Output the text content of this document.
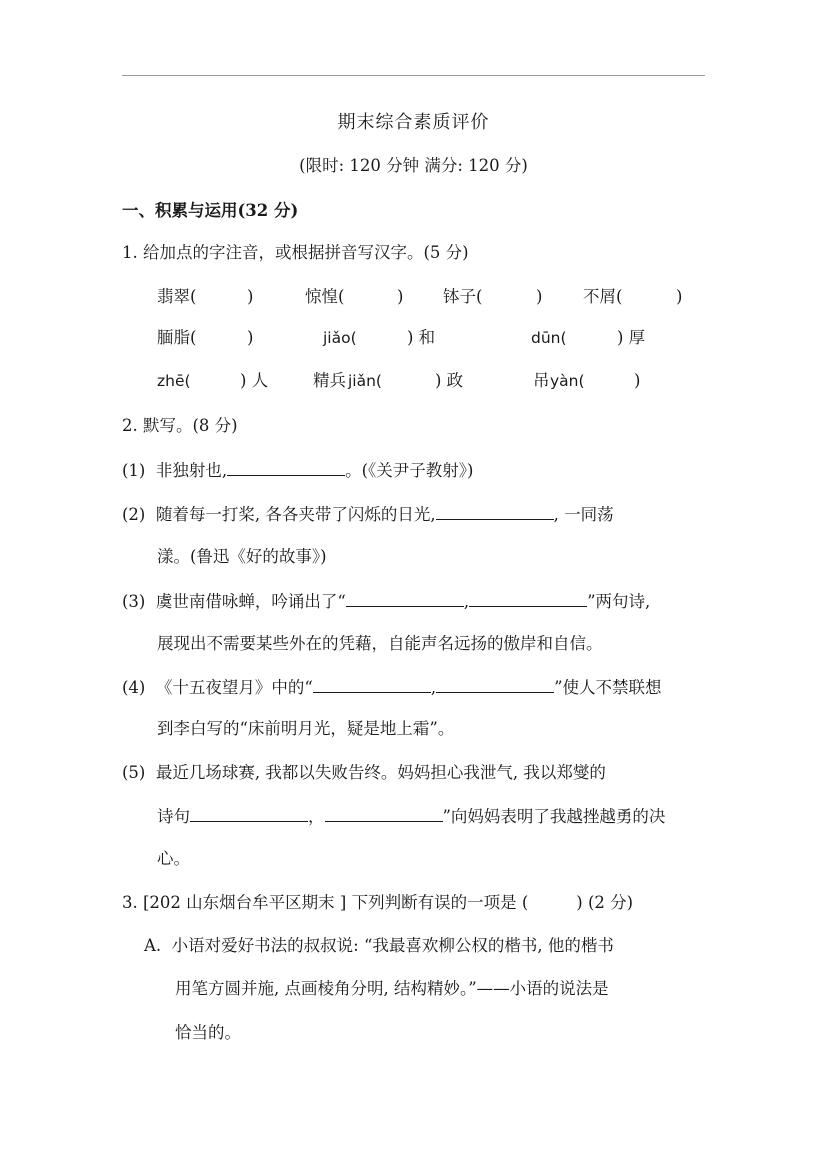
期末综合素质评价
(限时: 120 分钟 满分: 120 分)
一、积累与运用(32 分)
1. 给加点的字注音，或根据拼音写汉字。(5 分)
翡翠(	)	惊惶(	) 钵子(	) 不屑(	)
腼脂(	)	jiǎo(	) 和	dūn(	) 厚
zhē(	) 人	精兵 jiǎn(	) 政	吊 yàn(	)
2. 默写。(8 分)
(1) 非独射也,	。(《关尹子教射》)
(2) 随着每一打桨, 各各夹带了闪烁的日光,	, 一同荡
漾。(鲁迅《好的故事》)
(3) 虞世南借咏蝉，吟诵出了“	,	”两句诗,
展现出不需要某些外在的凭藉，自能声名远扬的傲岸和自信。
(4) 《十五夜望月》中的“	,	”使人不禁联想
到李白写的“床前明月光，疑是地上霜”。
(5) 最近几场球赛, 我都以失败告终。妈妈担心我泄气, 我以郑燮的
诗句	，	”向妈妈表明了我越挫越勇的决
心。
3. [202 山东烟台牟平区期末 ] 下列判断有误的一项是 (	) (2 分)
A. 小语对爱好书法的叔叔说: “我最喜欢柳公权的楷书, 他的楷书
用笔方圆并施, 点画棱角分明, 结构精妙。”——小语的说法是
恰当的。
